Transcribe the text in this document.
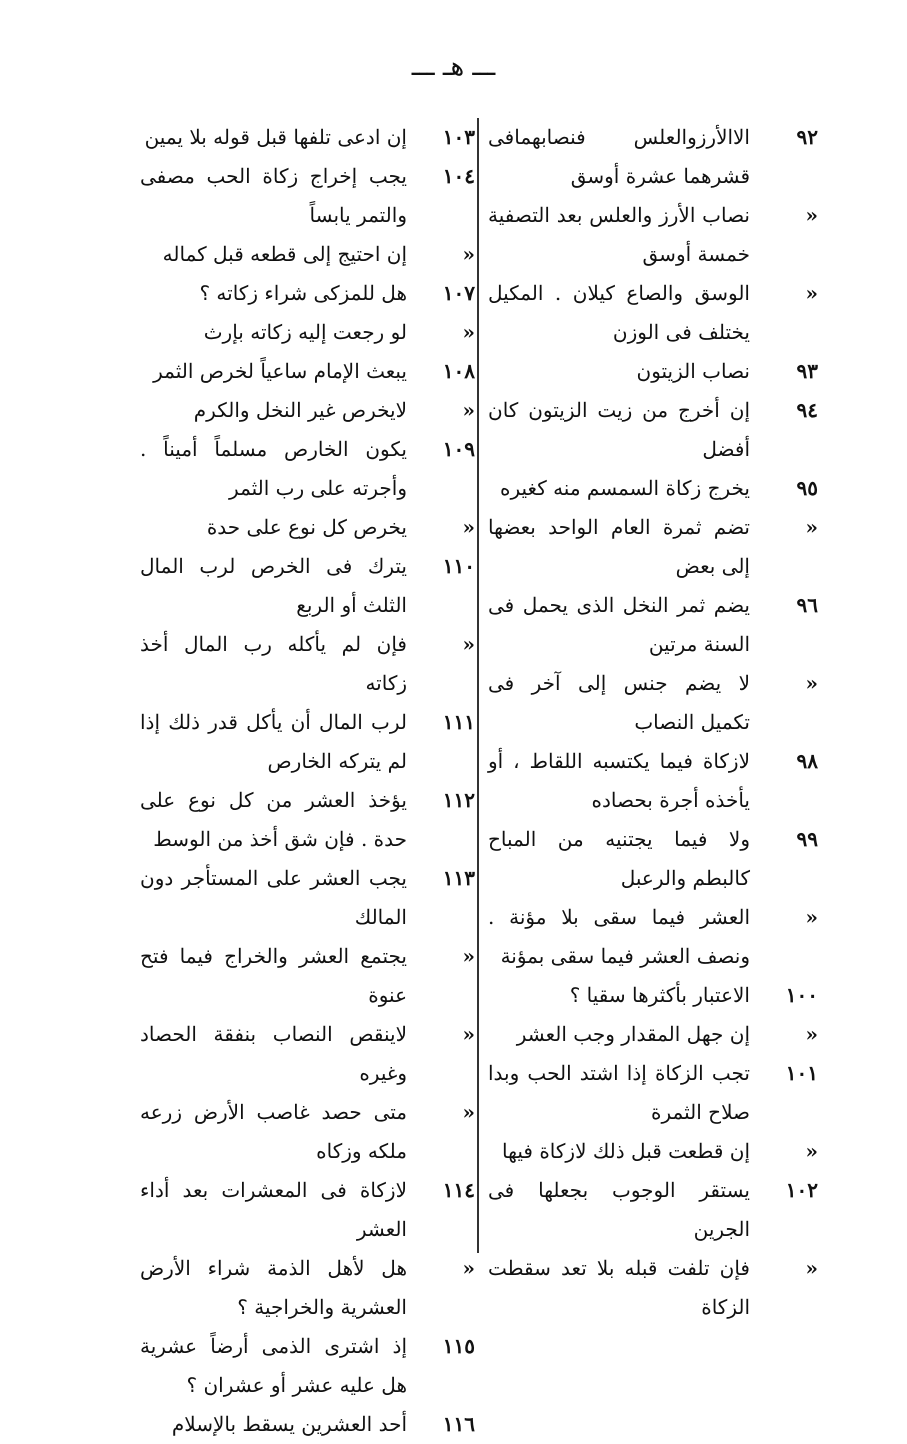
ـــ هـ ـــ
٩٢
الاالأرزوالعلس فنصابهمافى قشرهما عشرة أوسق
«
نصاب الأرز والعلس بعد التصفية خمسة أوسق
«
الوسق والصاع كيلان . المكيل يختلف فى الوزن
٩٣
نصاب الزيتون
٩٤
إن أخرج من زيت الزيتون كان أفضل
٩٥
يخرج زكاة السمسم منه كغيره
«
تضم ثمرة العام الواحد بعضها إلى بعض
٩٦
يضم ثمر النخل الذى يحمل فى السنة مرتين
«
لا يضم جنس إلى آخر فى تكميل النصاب
٩٨
لازكاة فيما يكتسبه اللقاط ، أو يأخذه أجرة بحصاده
٩٩
ولا فيما يجتنيه من المباح كالبطم والرعبل
«
العشر فيما سقى بلا مؤنة . ونصف العشر فيما سقى بمؤنة
١٠٠
الاعتبار بأكثرها سقيا ؟
«
إن جهل المقدار وجب العشر
١٠١
تجب الزكاة إذا اشتد الحب وبدا صلاح الثمرة
«
إن قطعت قبل ذلك لازكاة فيها
١٠٢
يستقر الوجوب بجعلها فى الجرين
«
فإن تلفت قبله بلا تعد سقطت الزكاة
١٠٣
إن ادعى تلفها قبل قوله بلا يمين
١٠٤
يجب إخراج زكاة الحب مصفى والتمر يابساً
«
إن احتيج إلى قطعه قبل كماله
١٠٧
هل للمزكى شراء زكاته ؟
«
لو رجعت إليه زكاته بإرث
١٠٨
يبعث الإمام ساعياً لخرص الثمر
«
لايخرص غير النخل والكرم
١٠٩
يكون الخارص مسلماً أميناً . وأجرته على رب الثمر
«
يخرص كل نوع على حدة
١١٠
يترك فى الخرص لرب المال الثلث أو الربع
«
فإن لم يأكله رب المال أخذ زكاته
١١١
لرب المال أن يأكل قدر ذلك إذا لم يتركه الخارص
١١٢
يؤخذ العشر من كل نوع على حدة . فإن شق أخذ من الوسط
١١٣
يجب العشر على المستأجر دون المالك
«
يجتمع العشر والخراج فيما فتح عنوة
«
لاينقص النصاب بنفقة الحصاد وغيره
«
متى حصد غاصب الأرض زرعه ملكه وزكاه
١١٤
لازكاة فى المعشرات بعد أداء العشر
«
هل لأهل الذمة شراء الأرض العشرية والخراجية ؟
١١٥
إذ اشترى الذمى أرضاً عشرية هل عليه عشر أو عشران ؟
١١٦
أحد العشرين يسقط بالإسلام
